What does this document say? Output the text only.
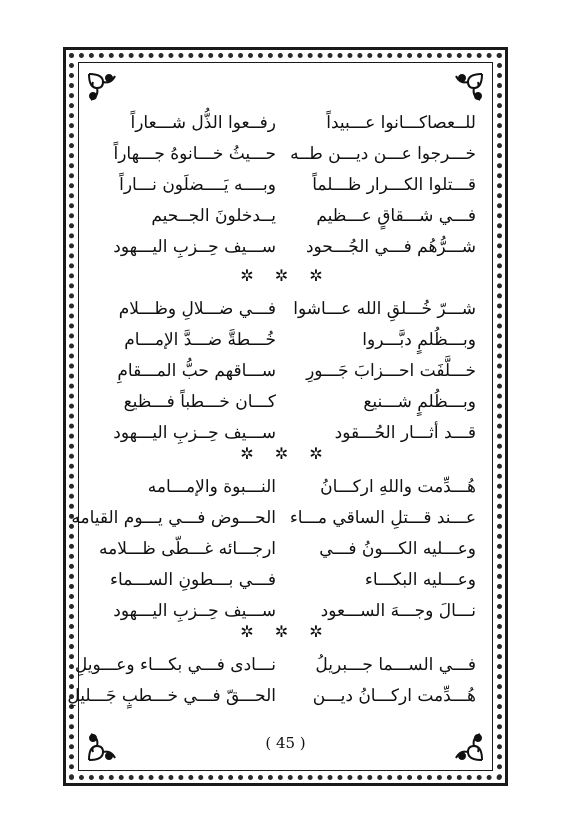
للــعصاكـــانوا عـــبيداً
رفــعوا الذُّل شـــعاراً
خـــرجوا عـــن ديـــن طــه
حـــيثُ خـــانوهُ جـــهاراً
قـــتلوا الكـــرار ظـــلماً
وبــــه يَــــضلَون نـــاراً
فـــي شـــقاقٍ عـــظيم
يــدخلونَ الجــحيم
شـــرُّهُم فـــي الجُـــحود
ســـيف حِــزبِ اليـــهود
✲ ✲ ✲
شـــرّ خُـــلقِ الله عـــاشوا
فـــي ضـــلالِ وظـــلام
وبـــظُلمٍ دبَّـــروا
خُـــطةَّ ضـــدَّ الإمـــام
خـــلَّفَت احـــزابَ جَـــورِ
ســـاقهم حبُّ المـــقامِ
وبـــظُلمٍ شـــنيع
كـــان خـــطباً فـــظيع
قـــد أثـــار الحُـــقود
ســـيف حِــزبِ اليـــهود
✲ ✲ ✲
هُـــدِّمت واللهِ اركـــانُ
النـــبوة والإمـــامه
عـــند قـــتلِ الساقي مـــاء
الحـــوض فـــي يـــوم القيامه
وعـــليه الكـــونُ فـــي
ارجـــائه غـــطّى ظـــلامه
وعـــليه البكـــاء
فـــي بـــطونِ الســـماء
نـــالَ وجـــهَ الســـعود
ســـيف حِــزبِ اليـــهود
✲ ✲ ✲
فـــي الســـما جـــبريلُ
نـــادى فـــي بكـــاء وعـــويلِ
هُـــدِّمت اركـــانُ ديـــن
الحـــقّ فـــي خـــطبٍ جَـــليلِ
( 45 )
